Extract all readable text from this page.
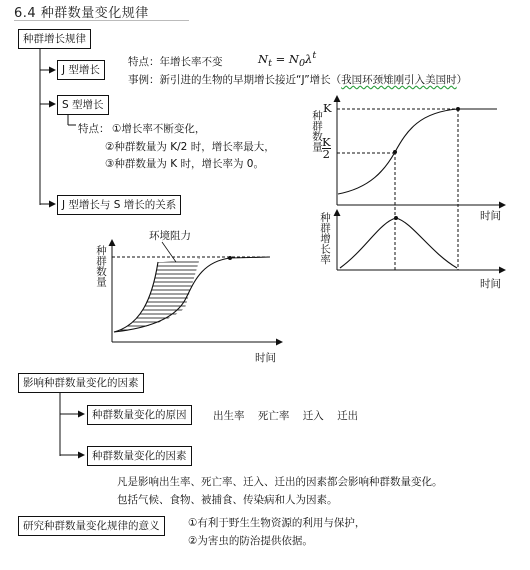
6.4 种群数量变化规律
种群增长规律
J 型增长
特点：年增长率不变	$N_t = N_0\lambda^t$
事例：新引进的生物的早期增长接近“J”增长（我国环颈雉刚引入美国时）
S 型增长
特点： ①增长率不断变化，
②种群数量为 K/2 时，增长率最大，
③种群数量为 K 时，增长率为 0。
J 型增长与 S 增长的关系
种群数量
K
$\frac{K}{2}$
时间
种群增长率
时间
种群数量
环境阻力
时间
影响种群数量变化的因素
种群数量变化的原因	出生率 死亡率 迁入 迁出
种群数量变化的因素
凡是影响出生率、死亡率、迁入、迁出的因素都会影响种群数量变化。
包括气候、食物、被捕食、传染病和人为因素。
研究种群数量变化规律的意义	①有利于野生生物资源的利用与保护，
②为害虫的防治提供依据。
